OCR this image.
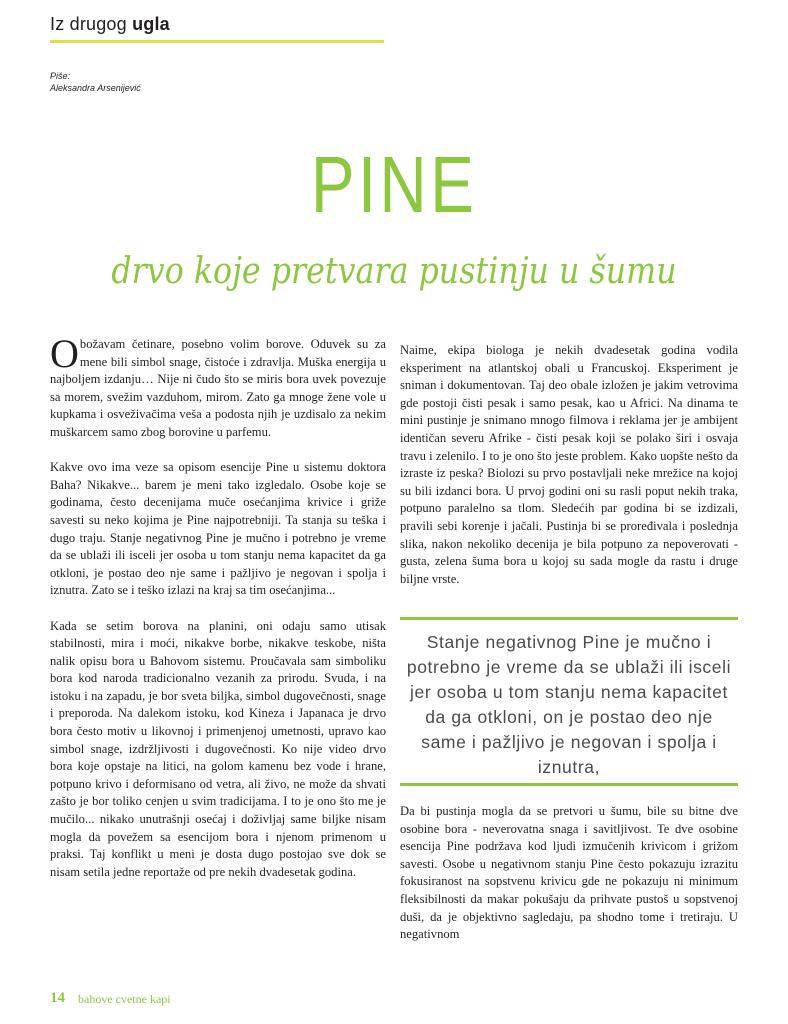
Iz drugog ugla
Piše:
Aleksandra Arsenijević
PINE
drvo koje pretvara pustinju u šumu

Obožavam četinare, posebno volim borove. Oduvek su za mene bili simbol snage, čistoće i zdravlja. Muška energija u najboljem izdanju… Nije ni čudo što se miris bora uvek povezuje sa morem, svežim vazduhom, mirom. Zato ga mnoge žene vole u kupkama i osveživačima veša a podosta njih je uzdisalo za nekim muškarcem samo zbog borovine u parfemu.

Kakve ovo ima veze sa opisom esencije Pine u sistemu doktora Baha? Nikakve... barem je meni tako izgledalo. Osobe koje se godinama, često decenijama muče osećanjima krivice i griže savesti su neko kojima je Pine najpotrebniji. Ta stanja su teška i dugo traju. Stanje negativnog Pine je mučno i potrebno je vreme da se ublaži ili isceli jer osoba u tom stanju nema kapacitet da ga otkloni, je postao deo nje same i pažljivo je negovan i spolja i iznutra. Zato se i teško izlazi na kraj sa tim osećanjima...

Kada se setim borova na planini, oni odaju samo utisak stabilnosti, mira i moći, nikakve borbe, nikakve teskobe, ništa nalik opisu bora u Bahovom sistemu. Proučavala sam simboliku bora kod naroda tradicionalno vezanih za prirodu. Svuda, i na istoku i na zapadu, je bor sveta biljka, simbol dugovečnosti, snage i preporoda. Na dalekom istoku, kod Kineza i Japanaca je drvo bora često motiv u likovnoj i primenjenoj umetnosti, upravo kao simbol snage, izdržljivosti i dugovečnosti. Ko nije video drvo bora koje opstaje na litici, na golom kamenu bez vode i hrane, potpuno krivo i deformisano od vetra, ali živo, ne može da shvati zašto je bor toliko cenjen u svim tradicijama. I to je ono što me je mučilo... nikako unutrašnji osećaj i doživljaj same biljke nisam mogla da povežem sa esencijom bora i njenom primenom u praksi. Taj konflikt u meni je dosta dugo postojao sve dok se nisam setila jedne reportaže od pre nekih dvadesetak godina.

Naime, ekipa biologa je nekih dvadesetak godina vodila eksperiment na atlantskoj obali u Francuskoj. Eksperiment je sniman i dokumentovan. Taj deo obale izložen je jakim vetrovima gde postoji čisti pesak i samo pesak, kao u Africi. Na dinama te mini pustinje je snimano mnogo filmova i reklama jer je ambijent identičan severu Afrike - čisti pesak koji se polako širi i osvaja travu i zelenilo. I to je ono što jeste problem. Kako uopšte nešto da izraste iz peska? Biolozi su prvo postavljali neke mrežice na kojoj su bili izdanci bora. U prvoj godini oni su rasli poput nekih traka, potpuno paralelno sa tlom. Sledećih par godina bi se izdizali, pravili sebi korenje i jačali. Pustinja bi se proređivala i poslednja slika, nakon nekoliko decenija je bila potpuno za nepoverovati - gusta, zelena šuma bora u kojoj su sada mogle da rastu i druge biljne vrste.

Stanje negativnog Pine je mučno i potrebno je vreme da se ublaži ili isceli jer osoba u tom stanju nema kapacitet da ga otkloni, on je postao deo nje same i pažljivo je negovan i spolja i iznutra,

Da bi pustinja mogla da se pretvori u šumu, bile su bitne dve osobine bora - neverovatna snaga i savitljivost. Te dve osobine esencija Pine podržava kod ljudi izmučenih krivicom i grižom savesti. Osobe u negativnom stanju Pine često pokazuju izrazitu fokusiranost na sopstvenu krivicu gde ne pokazuju ni minimum fleksibilnosti da makar pokušaju da prihvate pustoš u sopstvenoj duši, da je objektivno sagledaju, pa shodno tome i tretiraju. U negativnom

14 bahove cvetne kapi
